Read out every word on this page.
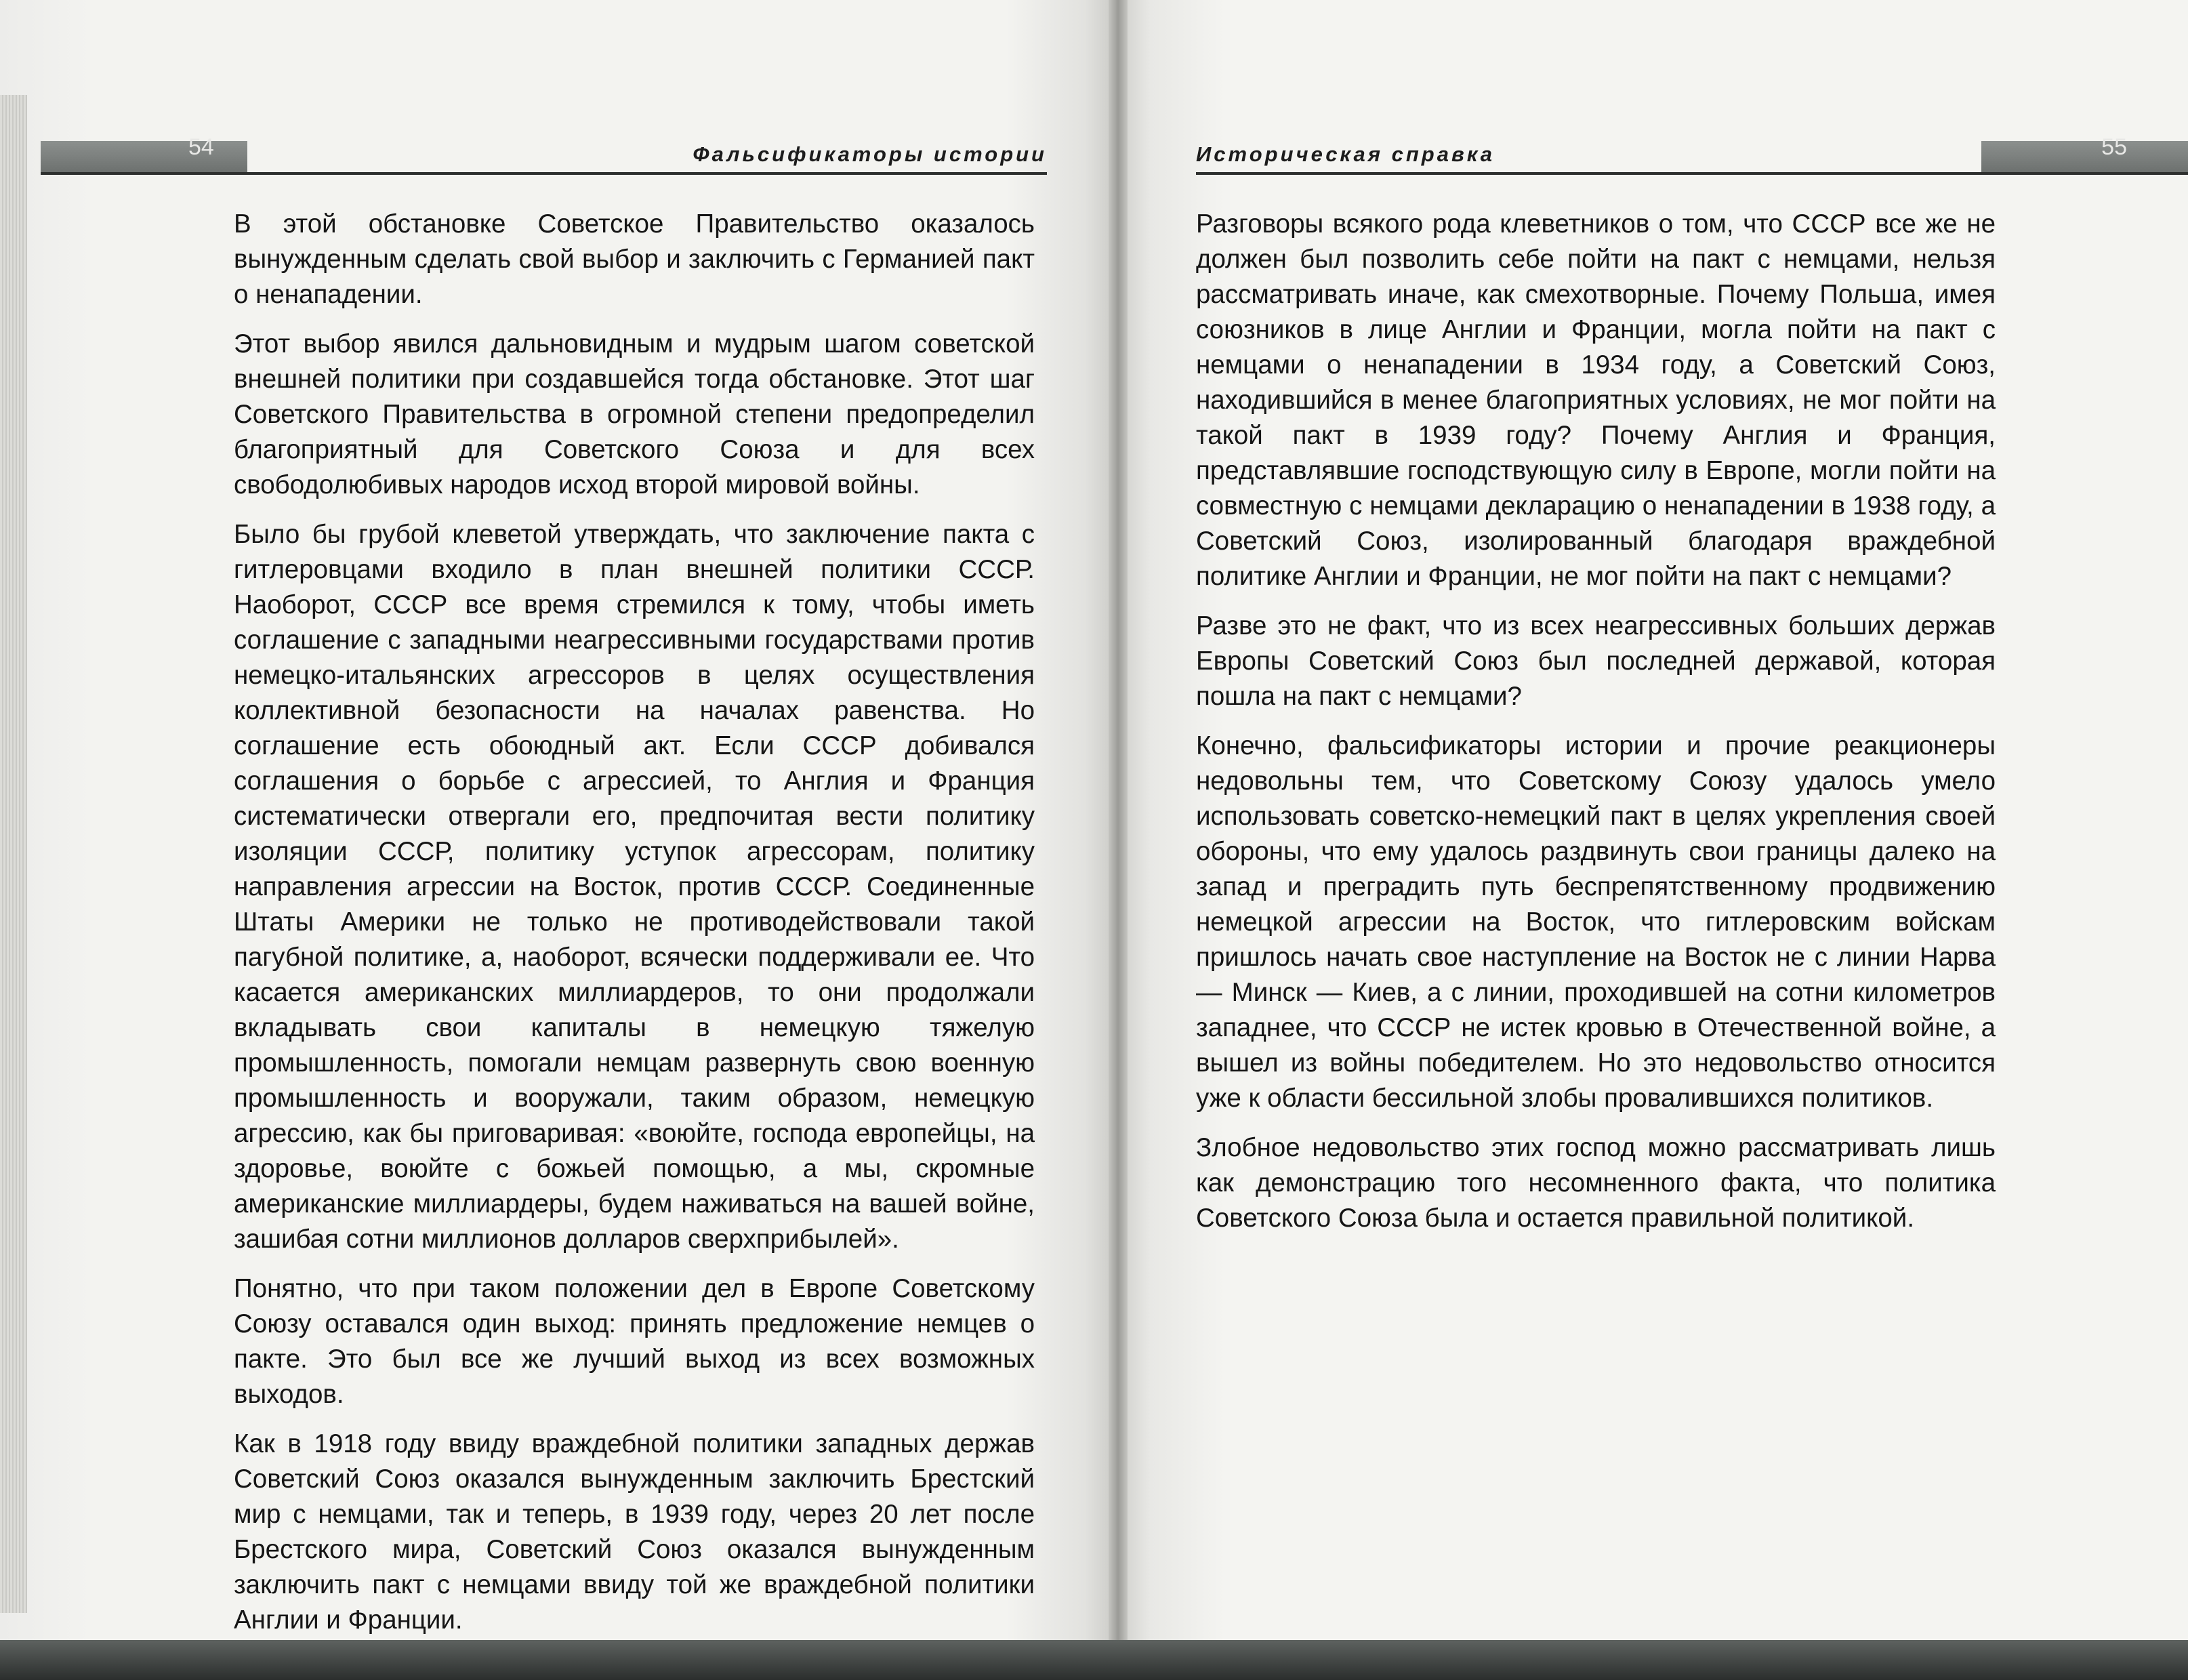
54	Фальсификаторы истории

В этой обстановке Советское Правительство оказалось вынужденным сделать свой выбор и заключить с Германией пакт о ненападении.

Этот выбор явился дальновидным и мудрым шагом советской внешней политики при создавшейся тогда обстановке. Этот шаг Советского Правительства в огромной степени предопределил благоприятный для Советского Союза и для всех свободолюбивых народов исход второй мировой войны.

Было бы грубой клеветой утверждать, что заключение пакта с гитлеровцами входило в план внешней политики СССР. Наоборот, СССР все время стремился к тому, чтобы иметь соглашение с западными неагрессивными государствами против немецко-итальянских агрессоров в целях осуществления коллективной безопасности на началах равенства. Но соглашение есть обоюдный акт. Если СССР добивался соглашения о борьбе с агрессией, то Англия и Франция систематически отвергали его, предпочитая вести политику изоляции СССР, политику уступок агрессорам, политику направления агрессии на Восток, против СССР. Соединенные Штаты Америки не только не противодействовали такой пагубной политике, а, наоборот, всячески поддерживали ее. Что касается американских миллиардеров, то они продолжали вкладывать свои капиталы в немецкую тяжелую промышленность, помогали немцам развернуть свою военную промышленность и вооружали, таким образом, немецкую агрессию, как бы приговаривая: «воюйте, господа европейцы, на здоровье, воюйте с божьей помощью, а мы, скромные американские миллиардеры, будем наживаться на вашей войне, зашибая сотни миллионов долларов сверхприбылей».

Понятно, что при таком положении дел в Европе Советскому Союзу оставался один выход: принять предложение немцев о пакте. Это был все же лучший выход из всех возможных выходов.

Как в 1918 году ввиду враждебной политики западных держав Советский Союз оказался вынужденным заключить Брестский мир с немцами, так и теперь, в 1939 году, через 20 лет после Брестского мира, Советский Союз оказался вынужденным заключить пакт с немцами ввиду той же враждебной политики Англии и Франции.

Историческая справка	55

Разговоры всякого рода клеветников о том, что СССР все же не должен был позволить себе пойти на пакт с немцами, нельзя рассматривать иначе, как смехотворные. Почему Польша, имея союзников в лице Англии и Франции, могла пойти на пакт с немцами о ненападении в 1934 году, а Советский Союз, находившийся в менее благоприятных условиях, не мог пойти на такой пакт в 1939 году? Почему Англия и Франция, представлявшие господствующую силу в Европе, могли пойти на совместную с немцами декларацию о ненападении в 1938 году, а Советский Союз, изолированный благодаря враждебной политике Англии и Франции, не мог пойти на пакт с немцами?

Разве это не факт, что из всех неагрессивных больших держав Европы Советский Союз был последней державой, которая пошла на пакт с немцами?

Конечно, фальсификаторы истории и прочие реакционеры недовольны тем, что Советскому Союзу удалось умело использовать советско-немецкий пакт в целях укрепления своей обороны, что ему удалось раздвинуть свои границы далеко на запад и преградить путь беспрепятственному продвижению немецкой агрессии на Восток, что гитлеровским войскам пришлось начать свое наступление на Восток не с линии Нарва — Минск — Киев, а с линии, проходившей на сотни километров западнее, что СССР не истек кровью в Отечественной войне, а вышел из войны победителем. Но это недовольство относится уже к области бессильной злобы провалившихся политиков.

Злобное недовольство этих господ можно рассматривать лишь как демонстрацию того несомненного факта, что политика Советского Союза была и остается правильной политикой.
